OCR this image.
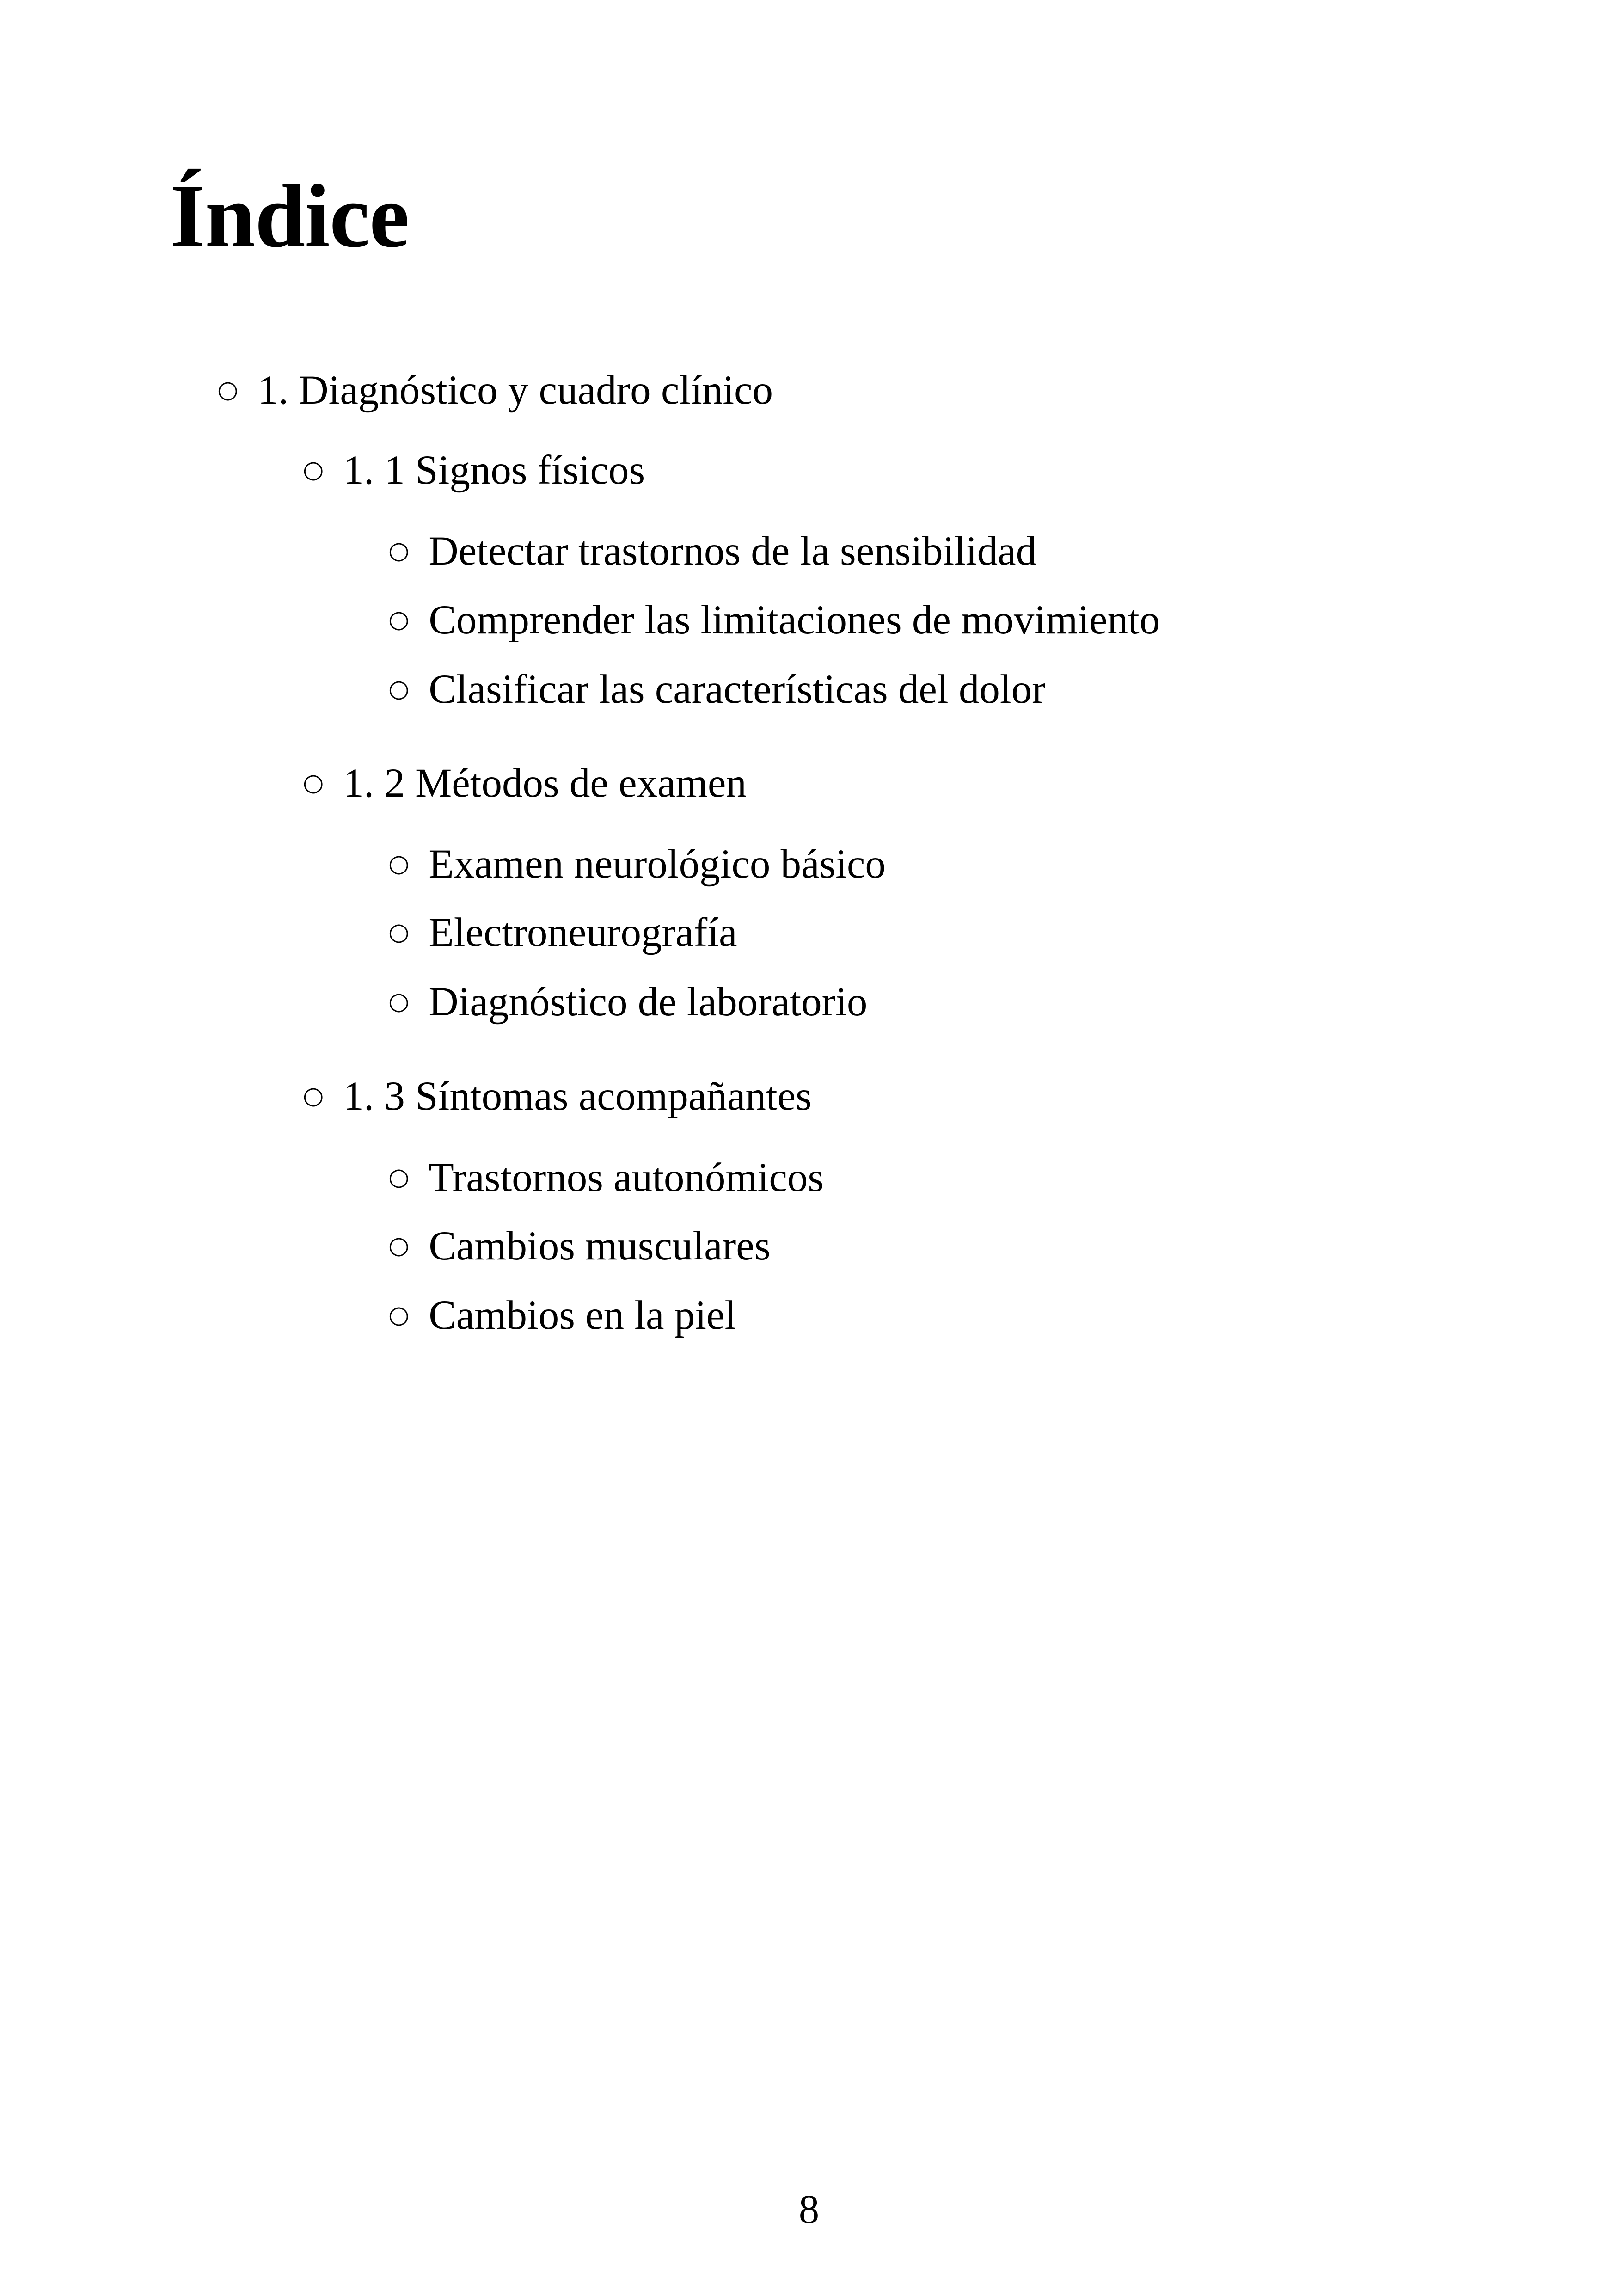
Índice
○ 1. Diagnóstico y cuadro clínico
○ 1. 1 Signos físicos
○ Detectar trastornos de la sensibilidad
○ Comprender las limitaciones de movimiento
○ Clasificar las características del dolor
○ 1. 2 Métodos de examen
○ Examen neurológico básico
○ Electroneurografía
○ Diagnóstico de laboratorio
○ 1. 3 Síntomas acompañantes
○ Trastornos autonómicos
○ Cambios musculares
○ Cambios en la piel
8
